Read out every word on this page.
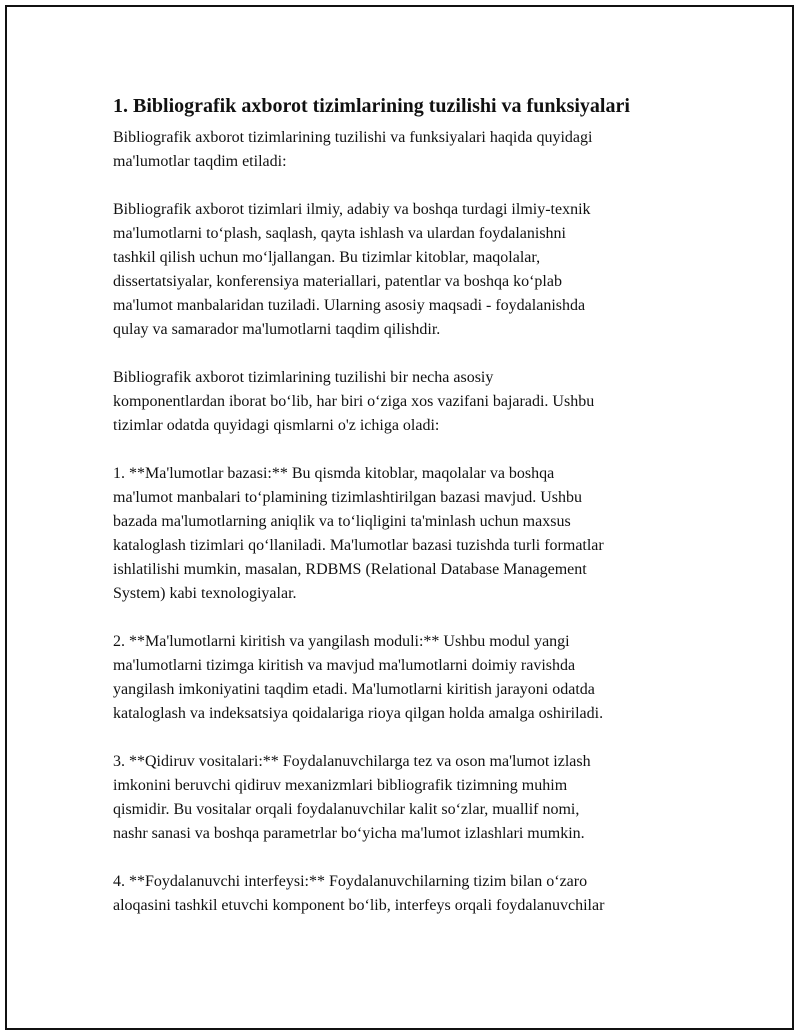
1. Bibliografik axborot tizimlarining tuzilishi va funksiyalari

Bibliografik axborot tizimlarining tuzilishi va funksiyalari haqida quyidagi
ma'lumotlar taqdim etiladi:

Bibliografik axborot tizimlari ilmiy, adabiy va boshqa turdagi ilmiy-texnik
ma'lumotlarni to‘plash, saqlash, qayta ishlash va ulardan foydalanishni
tashkil qilish uchun mo‘ljallangan. Bu tizimlar kitoblar, maqolalar,
dissertatsiyalar, konferensiya materiallari, patentlar va boshqa ko‘plab
ma'lumot manbalaridan tuziladi. Ularning asosiy maqsadi - foydalanishda
qulay va samarador ma'lumotlarni taqdim qilishdir.

Bibliografik axborot tizimlarining tuzilishi bir necha asosiy
komponentlardan iborat bo‘lib, har biri o‘ziga xos vazifani bajaradi. Ushbu
tizimlar odatda quyidagi qismlarni o'z ichiga oladi:

1. **Ma'lumotlar bazasi:** Bu qismda kitoblar, maqolalar va boshqa
ma'lumot manbalari to‘plamining tizimlashtirilgan bazasi mavjud. Ushbu
bazada ma'lumotlarning aniqlik va to‘liqligini ta'minlash uchun maxsus
kataloglash tizimlari qo‘llaniladi. Ma'lumotlar bazasi tuzishda turli formatlar
ishlatilishi mumkin, masalan, RDBMS (Relational Database Management
System) kabi texnologiyalar.

2. **Ma'lumotlarni kiritish va yangilash moduli:** Ushbu modul yangi
ma'lumotlarni tizimga kiritish va mavjud ma'lumotlarni doimiy ravishda
yangilash imkoniyatini taqdim etadi. Ma'lumotlarni kiritish jarayoni odatda
kataloglash va indeksatsiya qoidalariga rioya qilgan holda amalga oshiriladi.

3. **Qidiruv vositalari:** Foydalanuvchilarga tez va oson ma'lumot izlash
imkonini beruvchi qidiruv mexanizmlari bibliografik tizimning muhim
qismidir. Bu vositalar orqali foydalanuvchilar kalit so‘zlar, muallif nomi,
nashr sanasi va boshqa parametrlar bo‘yicha ma'lumot izlashlari mumkin.

4. **Foydalanuvchi interfeysi:** Foydalanuvchilarning tizim bilan o‘zaro
aloqasini tashkil etuvchi komponent bo‘lib, interfeys orqali foydalanuvchilar
